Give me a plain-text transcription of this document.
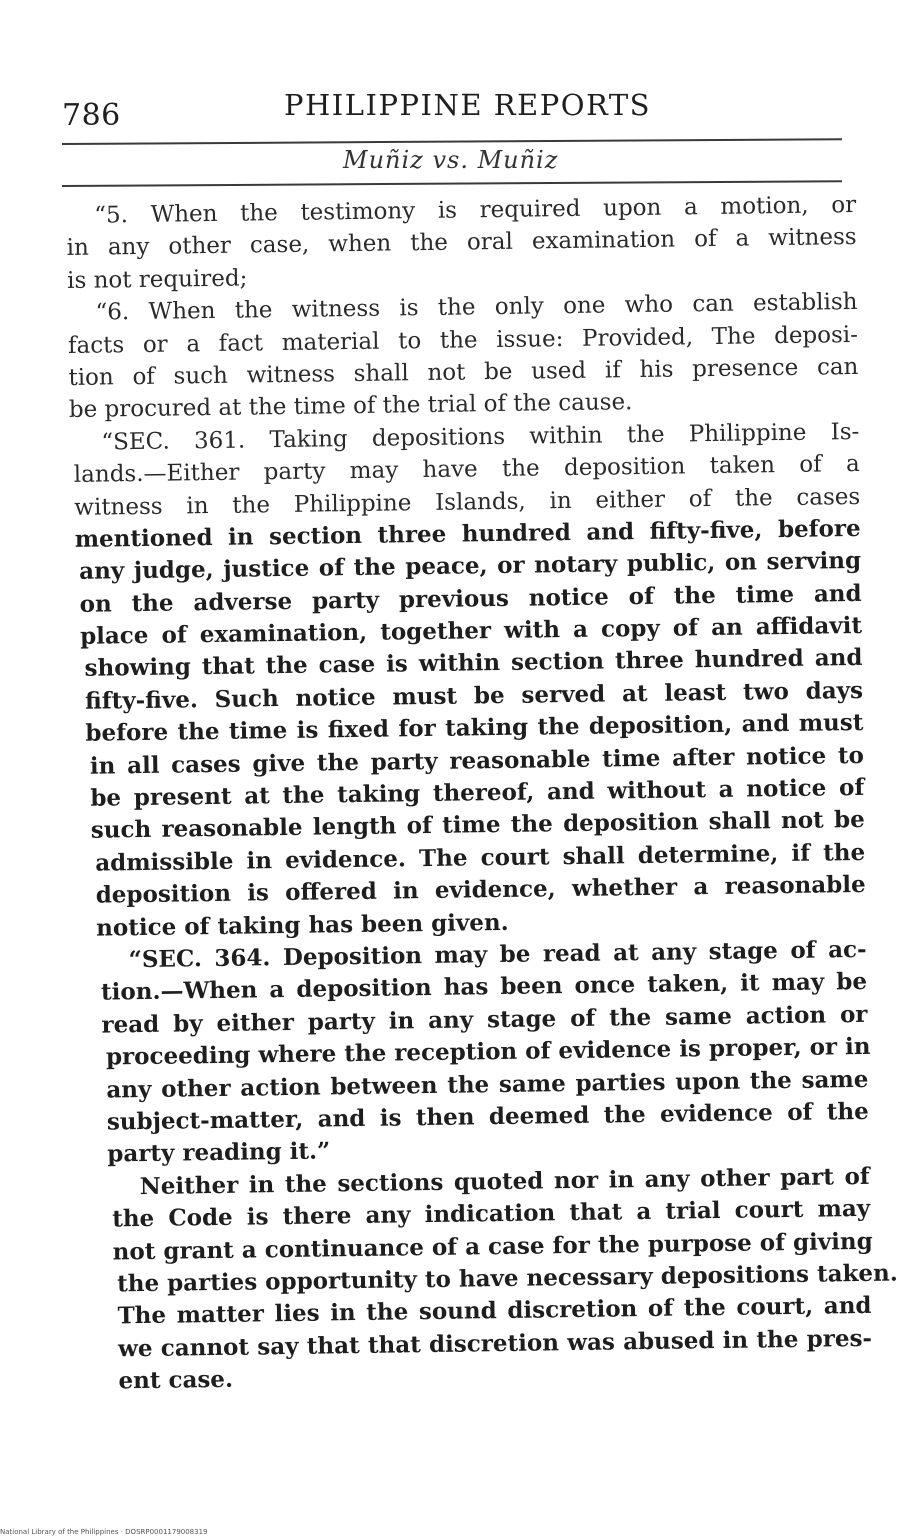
786	PHILIPPINE REPORTS
Muñiz vs. Muñiz
“5. When the testimony is required upon a motion, or
in any other case, when the oral examination of a witness
is not required;
“6. When the witness is the only one who can establish
facts or a fact material to the issue: Provided, The deposi-
tion of such witness shall not be used if his presence can
be procured at the time of the trial of the cause.
“SEC. 361. Taking depositions within the Philippine Is-
lands.—Either party may have the deposition taken of a
witness in the Philippine Islands, in either of the cases
mentioned in section three hundred and fifty-five, before
any judge, justice of the peace, or notary public, on serving
on the adverse party previous notice of the time and
place of examination, together with a copy of an affidavit
showing that the case is within section three hundred and
fifty-five. Such notice must be served at least two days
before the time is fixed for taking the deposition, and must
in all cases give the party reasonable time after notice to
be present at the taking thereof, and without a notice of
such reasonable length of time the deposition shall not be
admissible in evidence. The court shall determine, if the
deposition is offered in evidence, whether a reasonable
notice of taking has been given.
“SEC. 364. Deposition may be read at any stage of ac-
tion.—When a deposition has been once taken, it may be
read by either party in any stage of the same action or
proceeding where the reception of evidence is proper, or in
any other action between the same parties upon the same
subject-matter, and is then deemed the evidence of the
party reading it.”
Neither in the sections quoted nor in any other part of
the Code is there any indication that a trial court may
not grant a continuance of a case for the purpose of giving
the parties opportunity to have necessary depositions taken.
The matter lies in the sound discretion of the court, and
we cannot say that that discretion was abused in the pres-
ent case.
National Library of the Philippines · DOSRP0001179008319
